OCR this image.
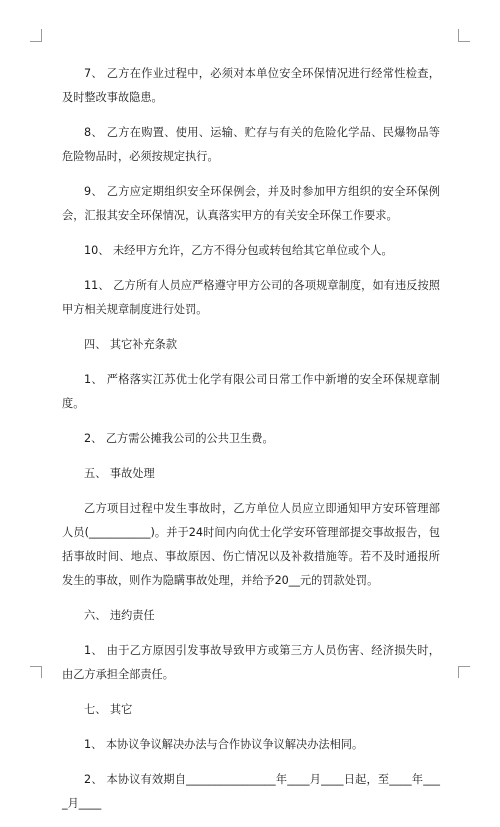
7、 乙方在作业过程中，必须对本单位安全环保情况进行经常性检查，及时整改事故隐患。

8、 乙方在购置、使用、运输、贮存与有关的危险化学品、民爆物品等危险物品时，必须按规定执行。

9、 乙方应定期组织安全环保例会，并及时参加甲方组织的安全环保例会，汇报其安全环保情况，认真落实甲方的有关安全环保工作要求。

10、 未经甲方允许，乙方不得分包或转包给其它单位或个人。

11、 乙方所有人员应严格遵守甲方公司的各项规章制度，如有违反按照甲方相关规章制度进行处罚。

四、 其它补充条款

1、 严格落实江苏优士化学有限公司日常工作中新增的安全环保规章制度。

2、 乙方需公摊我公司的公共卫生费。

五、 事故处理

乙方项目过程中发生事故时，乙方单位人员应立即通知甲方安环管理部人员(___________)。并于24时间内向优士化学安环管理部提交事故报告，包括事故时间、地点、事故原因、伤亡情况以及补救措施等。若不及时通报所发生的事故，则作为隐瞒事故处理，并给予20__元的罚款处罚。

六、 违约责任

1、 由于乙方原因引发事故导致甲方或第三方人员伤害、经济损失时，由乙方承担全部责任。

七、 其它

1、 本协议争议解决办法与合作协议争议解决办法相同。

2、 本协议有效期自________________年____月____日起，至____年____月____
